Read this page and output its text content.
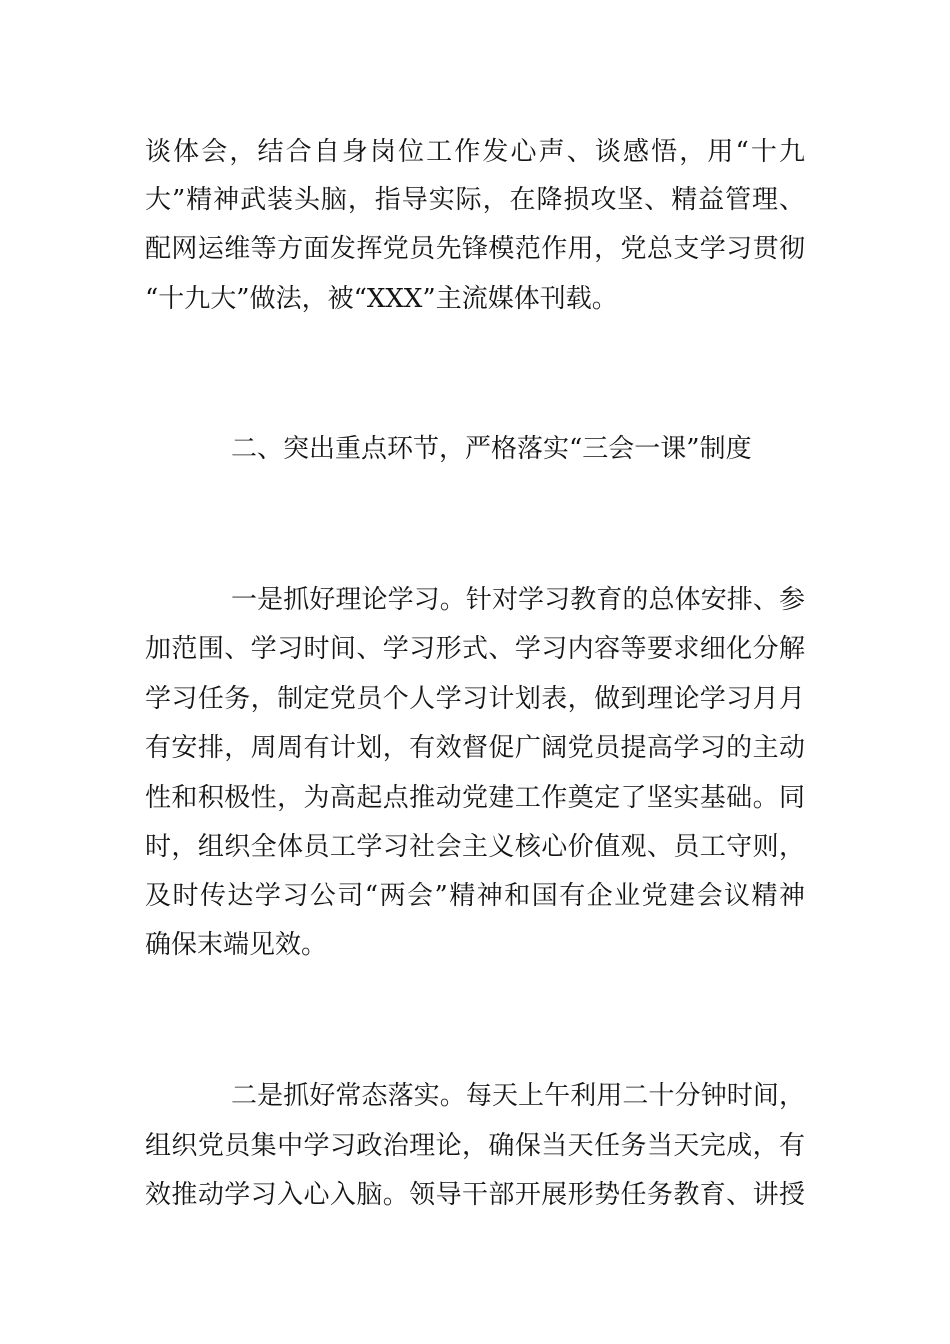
谈体会，结合自身岗位工作发心声、谈感悟，用“十九
大”精神武装头脑，指导实际，在降损攻坚、精益管理、
配网运维等方面发挥党员先锋模范作用，党总支学习贯彻
“十九大”做法，被“XXX”主流媒体刊载。
二、突出重点环节，严格落实“三会一课”制度
一是抓好理论学习。针对学习教育的总体安排、参
加范围、学习时间、学习形式、学习内容等要求细化分解
学习任务，制定党员个人学习计划表，做到理论学习月月
有安排，周周有计划，有效督促广阔党员提高学习的主动
性和积极性，为高起点推动党建工作奠定了坚实基础。同
时，组织全体员工学习社会主义核心价值观、员工守则，
及时传达学习公司“两会”精神和国有企业党建会议精神
确保末端见效。
二是抓好常态落实。每天上午利用二十分钟时间，
组织党员集中学习政治理论，确保当天任务当天完成，有
效推动学习入心入脑。领导干部开展形势任务教育、讲授
